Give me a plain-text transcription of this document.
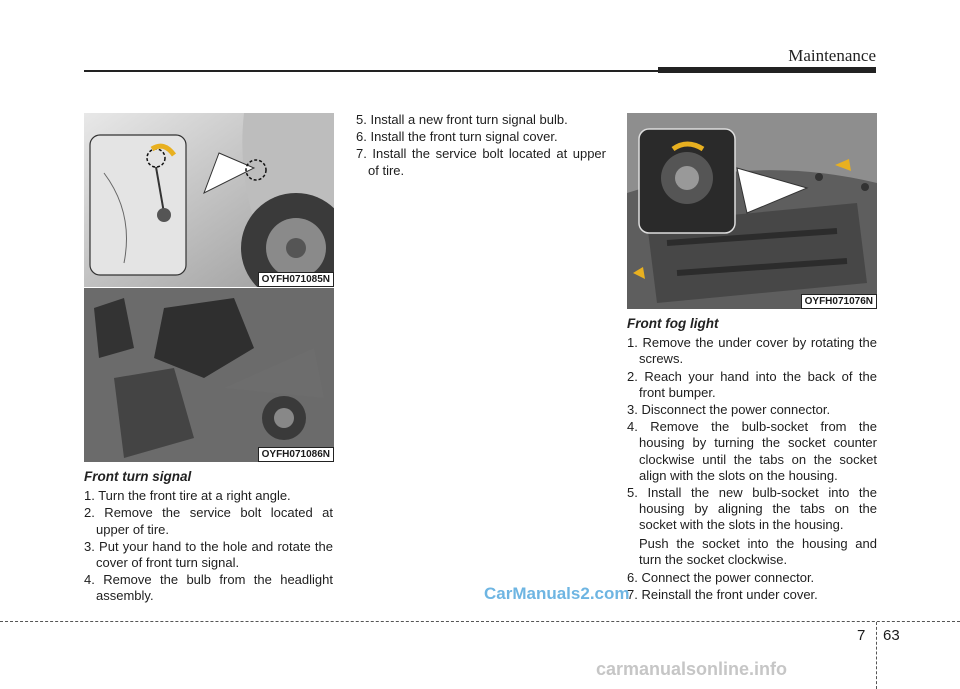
Maintenance
OYFH071085N
OYFH071086N
OYFH071076N
Front turn signal
1. Turn the front tire at a right angle.
2. Remove the service bolt located at upper of tire.
3. Put your hand to the hole and rotate the cover of front turn signal.
4. Remove the bulb from the headlight assembly.
5. Install a new front turn signal bulb.
6. Install the front turn signal cover.
7. Install the service bolt located at upper of tire.
Front fog light
1. Remove the under cover by rotating the screws.
2. Reach your hand into the back of the front bumper.
3. Disconnect the power connector.
4. Remove the bulb-socket from the housing by turning the socket counter clockwise until the tabs on the socket align with the slots on the housing.
5. Install the new bulb-socket into the housing by aligning the tabs on the socket with the slots in the housing.

Push the socket into the housing and turn the socket clockwise.

6. Connect the power connector.
7. Reinstall the front under cover.
CarManuals2.com
7 63
carmanualsonline.info
